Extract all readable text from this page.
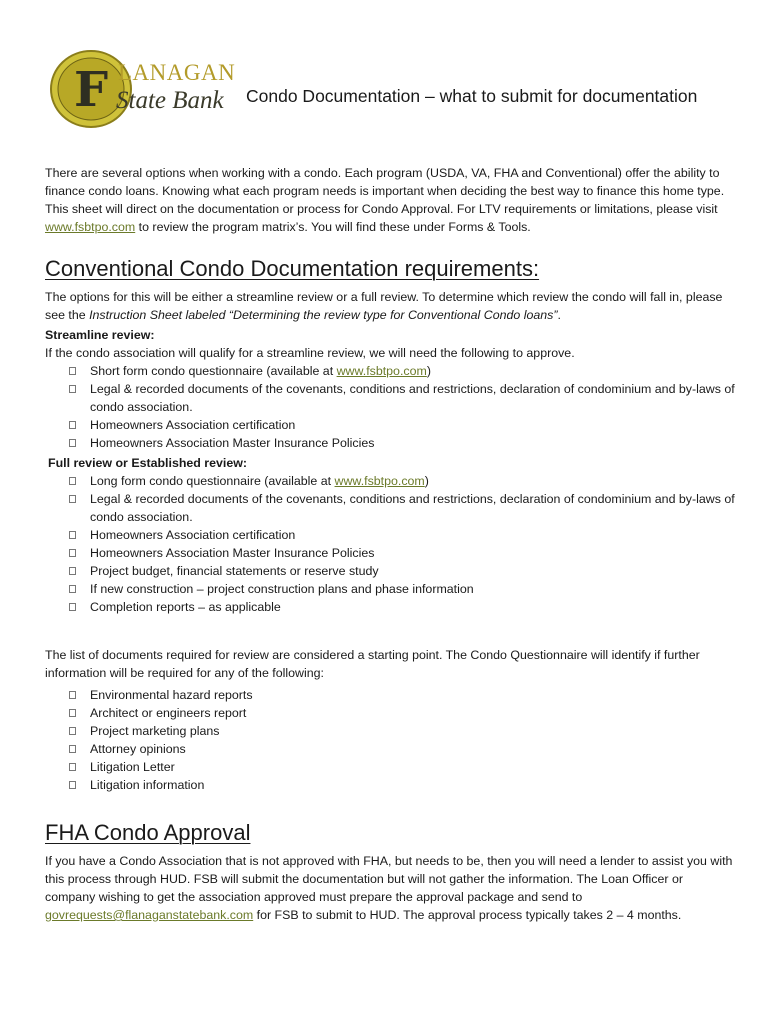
F LANAGAN
State Bank Condo Documentation – what to submit for documentation

There are several options when working with a condo. Each program (USDA, VA, FHA and Conventional) offer the ability to finance condo loans. Knowing what each program needs is important when deciding the best way to finance this home type. This sheet will direct on the documentation or process for Condo Approval. For LTV requirements or limitations, please visit www.fsbtpo.com to review the program matrix’s. You will find these under Forms & Tools.

Conventional Condo Documentation requirements:

The options for this will be either a streamline review or a full review. To determine which review the condo will fall in, please see the Instruction Sheet labeled “Determining the review type for Conventional Condo loans”.

Streamline review:

If the condo association will qualify for a streamline review, we will need the following to approve.

Short form condo questionnaire (available at www.fsbtpo.com)
Legal & recorded documents of the covenants, conditions and restrictions, declaration of condominium and by-laws of condo association.
Homeowners Association certification
Homeowners Association Master Insurance Policies

Full review or Established review:

Long form condo questionnaire (available at www.fsbtpo.com)
Legal & recorded documents of the covenants, conditions and restrictions, declaration of condominium and by-laws of condo association.
Homeowners Association certification
Homeowners Association Master Insurance Policies
Project budget, financial statements or reserve study
If new construction – project construction plans and phase information
Completion reports – as applicable

The list of documents required for review are considered a starting point. The Condo Questionnaire will identify if further information will be required for any of the following:

Environmental hazard reports
Architect or engineers report
Project marketing plans
Attorney opinions
Litigation Letter
Litigation information
FHA Condo Approval

If you have a Condo Association that is not approved with FHA, but needs to be, then you will need a lender to assist you with this process through HUD. FSB will submit the documentation but will not gather the information. The Loan Officer or company wishing to get the association approved must prepare the approval package and send to govrequests@flanaganstatebank.com for FSB to submit to HUD. The approval process typically takes 2 – 4 months.
